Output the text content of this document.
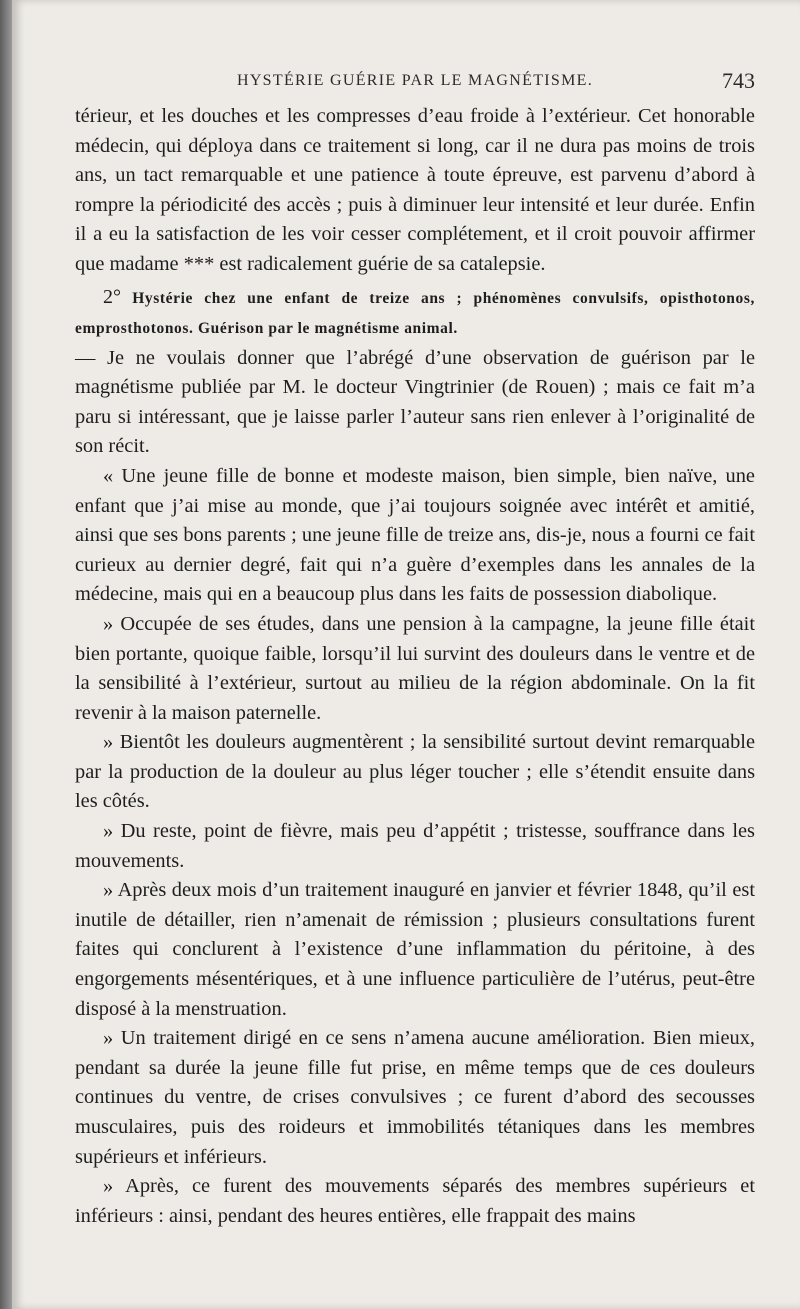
HYSTÉRIE GUÉRIE PAR LE MAGNÉTISME.	743

térieur, et les douches et les compresses d’eau froide à l’extérieur. Cet honorable médecin, qui déploya dans ce traitement si long, car il ne dura pas moins de trois ans, un tact remarquable et une patience à toute épreuve, est parvenu d’abord à rompre la périodicité des accès ; puis à diminuer leur intensité et leur durée. Enfin il a eu la satisfaction de les voir cesser complétement, et il croit pouvoir affirmer que madame *** est radicalement guérie de sa catalepsie.

2° Hystérie chez une enfant de treize ans ; phénomènes convulsifs, opisthotonos, emprosthotonos. Guérison par le magnétisme animal.

— Je ne voulais donner que l’abrégé d’une observation de guérison par le magnétisme publiée par M. le docteur Vingtrinier (de Rouen) ; mais ce fait m’a paru si intéressant, que je laisse parler l’auteur sans rien enlever à l’originalité de son récit.

« Une jeune fille de bonne et modeste maison, bien simple, bien naïve, une enfant que j’ai mise au monde, que j’ai toujours soignée avec intérêt et amitié, ainsi que ses bons parents ; une jeune fille de treize ans, dis-je, nous a fourni ce fait curieux au dernier degré, fait qui n’a guère d’exemples dans les annales de la médecine, mais qui en a beaucoup plus dans les faits de possession diabolique.

» Occupée de ses études, dans une pension à la campagne, la jeune fille était bien portante, quoique faible, lorsqu’il lui survint des douleurs dans le ventre et de la sensibilité à l’extérieur, surtout au milieu de la région abdominale. On la fit revenir à la maison paternelle.

» Bientôt les douleurs augmentèrent ; la sensibilité surtout devint remarquable par la production de la douleur au plus léger toucher ; elle s’étendit ensuite dans les côtés.

» Du reste, point de fièvre, mais peu d’appétit ; tristesse, souffrance dans les mouvements.

» Après deux mois d’un traitement inauguré en janvier et février 1848, qu’il est inutile de détailler, rien n’amenait de rémission ; plusieurs consultations furent faites qui conclurent à l’existence d’une inflammation du péritoine, à des engorgements mésentériques, et à une influence particulière de l’utérus, peut-être disposé à la menstruation.

» Un traitement dirigé en ce sens n’amena aucune amélioration. Bien mieux, pendant sa durée la jeune fille fut prise, en même temps que de ces douleurs continues du ventre, de crises convulsives ; ce furent d’abord des secousses musculaires, puis des roideurs et immobilités tétaniques dans les membres supérieurs et inférieurs.

» Après, ce furent des mouvements séparés des membres supérieurs et inférieurs : ainsi, pendant des heures entières, elle frappait des mains
